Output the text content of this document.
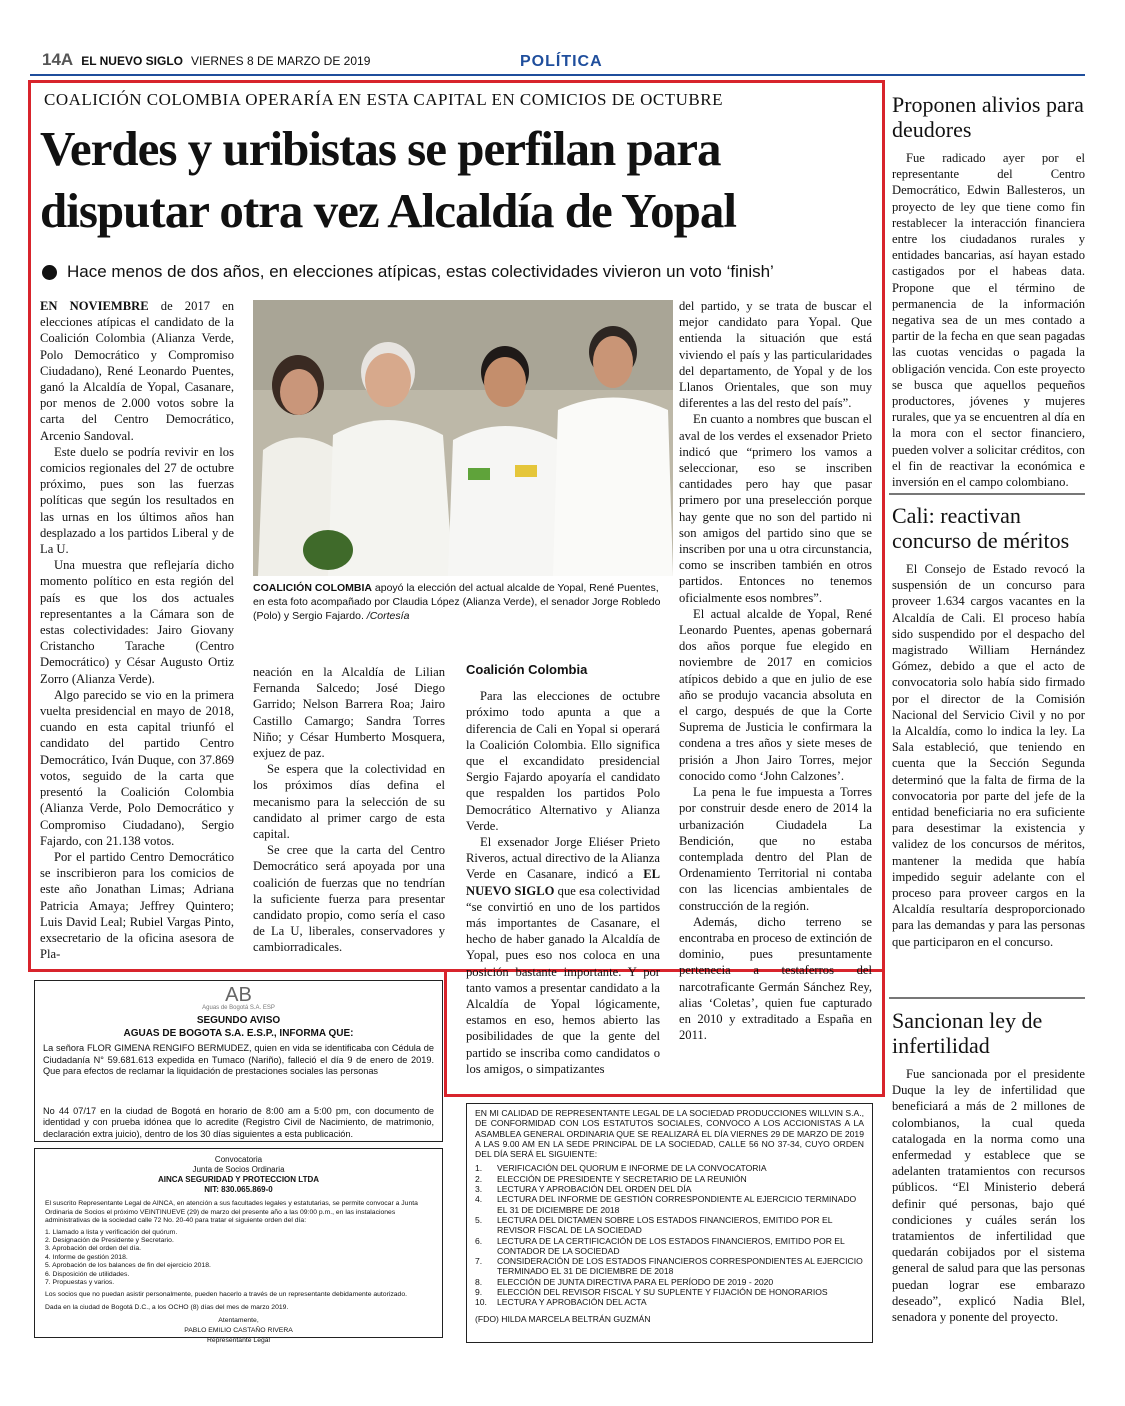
14A EL NUEVO SIGLO VIERNES 8 DE MARZO DE 2019	POLÍTICA
COALICIÓN COLOMBIA OPERARÍA EN ESTA CAPITAL EN COMICIOS DE OCTUBRE
Verdes y uribistas se perfilan para disputar otra vez Alcaldía de Yopal
Hace menos de dos años, en elecciones atípicas, estas colectividades vivieron un voto ‘finish’

EN NOVIEMBRE de 2017 en elecciones atípicas el candidato de la Coalición Colombia (Alianza Verde, Polo Democrático y Compromiso Ciudadano), René Leonardo Puentes, ganó la Alcaldía de Yopal, Casanare, por menos de 2.000 votos sobre la carta del Centro Democrático, Arcenio Sandoval.

Este duelo se podría revivir en los comicios regionales del 27 de octubre próximo, pues son las fuerzas políticas que según los resultados en las urnas en los últimos años han desplazado a los partidos Liberal y de La U.

Una muestra que reflejaría dicho momento político en esta región del país es que los dos actuales representantes a la Cámara son de estas colectividades: Jairo Giovany Cristancho Tarache (Centro Democrático) y César Augusto Ortiz Zorro (Alianza Verde).

Algo parecido se vio en la primera vuelta presidencial en mayo de 2018, cuando en esta capital triunfó el candidato del partido Centro Democrático, Iván Duque, con 37.869 votos, seguido de la carta que presentó la Coalición Colombia (Alianza Verde, Polo Democrático y Compromiso Ciudadano), Sergio Fajardo, con 21.138 votos.

Por el partido Centro Democrático se inscribieron para los comicios de este año Jonathan Limas; Adriana Patricia Amaya; Jeffrey Quintero; Luis David Leal; Rubiel Vargas Pinto, exsecretario de la oficina asesora de Pla-

COALICIÓN COLOMBIA apoyó la elección del actual alcalde de Yopal, René Puentes, en esta foto acompañado por Claudia López (Alianza Verde), el senador Jorge Robledo (Polo) y Sergio Fajardo. /Cortesía

neación en la Alcaldía de Lilian Fernanda Salcedo; José Diego Garrido; Nelson Barrera Roa; Jairo Castillo Camargo; Sandra Torres Niño; y César Humberto Mosquera, exjuez de paz.

Se espera que la colectividad en los próximos días defina el mecanismo para la selección de su candidato al primer cargo de esta capital.

Se cree que la carta del Centro Democrático será apoyada por una coalición de fuerzas que no tendrían la suficiente fuerza para presentar candidato propio, como sería el caso de La U, liberales, conservadores y cambiorradicales.

Coalición Colombia

Para las elecciones de octubre próximo todo apunta a que a diferencia de Cali en Yopal si operará la Coalición Colombia. Ello significa que el excandidato presidencial Sergio Fajardo apoyaría el candidato que respalden los partidos Polo Democrático Alternativo y Alianza Verde.

El exsenador Jorge Eliéser Prieto Riveros, actual directivo de la Alianza Verde en Casanare, indicó a EL NUEVO SIGLO que esa colectividad “se convirtió en uno de los partidos más importantes de Casanare, el hecho de haber ganado la Alcaldía de Yopal, pues eso nos coloca en una posición bastante importante. Y por tanto vamos a presentar candidato a la Alcaldía de Yopal lógicamente, estamos en eso, hemos abierto las posibilidades de que la gente del partido se inscriba como candidatos o los amigos, o simpatizantes

del partido, y se trata de buscar el mejor candidato para Yopal. Que entienda la situación que está viviendo el país y las particularidades del departamento, de Yopal y de los Llanos Orientales, que son muy diferentes a las del resto del país”.

En cuanto a nombres que buscan el aval de los verdes el exsenador Prieto indicó que “primero los vamos a seleccionar, eso se inscriben cantidades pero hay que pasar primero por una preselección porque hay gente que no son del partido ni son amigos del partido sino que se inscriben por una u otra circunstancia, como se inscriben también en otros partidos. Entonces no tenemos oficialmente esos nombres”.

El actual alcalde de Yopal, René Leonardo Puentes, apenas gobernará dos años porque fue elegido en noviembre de 2017 en comicios atípicos debido a que en julio de ese año se produjo vacancia absoluta en el cargo, después de que la Corte Suprema de Justicia le confirmara la condena a tres años y siete meses de prisión a Jhon Jairo Torres, mejor conocido como ‘John Calzones’.

La pena le fue impuesta a Torres por construir desde enero de 2014 la urbanización Ciudadela La Bendición, que no estaba contemplada dentro del Plan de Ordenamiento Territorial ni contaba con las licencias ambientales de construcción de la región.

Además, dicho terreno se encontraba en proceso de extinción de dominio, pues presuntamente pertenecia a testaferros del narcotraficante Germán Sánchez Rey, alias ‘Coletas’, quien fue capturado en 2010 y extraditado a España en 2011.

Proponen alivios para deudores

Fue radicado ayer por el representante del Centro Democrático, Edwin Ballesteros, un proyecto de ley que tiene como fin restablecer la interacción financiera entre los ciudadanos rurales y entidades bancarias, así hayan estado castigados por el habeas data. Propone que el término de permanencia de la información negativa sea de un mes contado a partir de la fecha en que sean pagadas las cuotas vencidas o pagada la obligación vencida. Con este proyecto se busca que aquellos pequeños productores, jóvenes y mujeres rurales, que ya se encuentren al día en la mora con el sector financiero, pueden volver a solicitar créditos, con el fin de reactivar la económica e inversión en el campo colombiano.

Cali: reactivan concurso de méritos

El Consejo de Estado revocó la suspensión de un concurso para proveer 1.634 cargos vacantes en la Alcaldía de Cali. El proceso había sido suspendido por el despacho del magistrado William Hernández Gómez, debido a que el acto de convocatoria solo había sido firmado por el director de la Comisión Nacional del Servicio Civil y no por la Alcaldía, como lo indica la ley. La Sala estableció, que teniendo en cuenta que la Sección Segunda determinó que la falta de firma de la convocatoria por parte del jefe de la entidad beneficiaria no era suficiente para desestimar la existencia y validez de los concursos de méritos, mantener la medida que había impedido seguir adelante con el proceso para proveer cargos en la Alcaldía resultaría desproporcionado para las demandas y para las personas que participaron en el concurso.

Sancionan ley de infertilidad

Fue sancionada por el presidente Duque la ley de infertilidad que beneficiará a más de 2 millones de colombianos, la cual queda catalogada en la norma como una enfermedad y establece que se adelanten tratamientos con recursos públicos. “El Ministerio deberá definir qué personas, bajo qué condiciones y cuáles serán los tratamientos de infertilidad que quedarán cobijados por el sistema general de salud para que las personas puedan lograr ese embarazo deseado”, explicó Nadia Blel, senadora y ponente del proyecto.

AB
Aguas de Bogotá S.A. ESP
SEGUNDO AVISO
AGUAS DE BOGOTA S.A. E.S.P., INFORMA QUE:
La señora FLOR GIMENA RENGIFO BERMUDEZ, quien en vida se identificaba con Cédula de Ciudadanía N° 59.681.613 expedida en Tumaco (Nariño), falleció el día 9 de enero de 2019. Que para efectos de reclamar la liquidación de prestaciones sociales las personas
No 44 07/17 en la ciudad de Bogotá en horario de 8:00 am a 5:00 pm, con documento de identidad y con prueba idónea que lo acredite (Registro Civil de Nacimiento, de matrimonio, declaración extra juicio), dentro de los 30 días siguientes a esta publicación.
Convocatoria
Junta de Socios Ordinaria
AINCA SEGURIDAD Y PROTECCION LTDA
NIT: 830.065.869-0
El suscrito Representante Legal de AINCA, en atención a sus facultades legales y estatutarias, se permite convocar a Junta Ordinaria de Socios el próximo VEINTINUEVE (29) de marzo del presente año a las 09:00 p.m., en las instalaciones administrativas de la sociedad calle 72 No. 20-40 para tratar el siguiente orden del día:
1. Llamado a lista y verificación del quórum.
2. Designación de Presidente y Secretario.
3. Aprobación del orden del día.
4. Informe de gestión 2018.
5. Aprobación de los balances de fin del ejercicio 2018.
6. Disposición de utilidades.
7. Propuestas y varios.
Los socios que no puedan asistir personalmente, pueden hacerlo a través de un representante debidamente autorizado.
Dada en la ciudad de Bogotá D.C., a los OCHO (8) días del mes de marzo 2019.
Atentamente,
PABLO EMILIO CASTAÑO RIVERA
Representante Legal
EN MI CALIDAD DE REPRESENTANTE LEGAL DE LA SOCIEDAD PRODUCCIONES WILLVIN S.A., DE CONFORMIDAD CON LOS ESTATUTOS SOCIALES, CONVOCO A LOS ACCIONISTAS A LA ASAMBLEA GENERAL ORDINARIA QUE SE REALIZARÁ EL DÍA VIERNES 29 DE MARZO DE 2019 A LAS 9.00 AM EN LA SEDE PRINCIPAL DE LA SOCIEDAD, CALLE 56 NO 37-34, CUYO ORDEN DEL DÍA SERÁ EL SIGUIENTE:
1.	VERIFICACIÓN DEL QUORUM E INFORME DE LA CONVOCATORIA
2.	ELECCIÓN DE PRESIDENTE Y SECRETARIO DE LA REUNIÓN
3.	LECTURA Y APROBACIÓN DEL ORDEN DEL DÍA
4.	LECTURA DEL INFORME DE GESTIÓN CORRESPONDIENTE AL EJERCICIO TERMINADO EL 31 DE DICIEMBRE DE 2018
5.	LECTURA DEL DICTAMEN SOBRE LOS ESTADOS FINANCIEROS, EMITIDO POR EL REVISOR FISCAL DE LA SOCIEDAD
6.	LECTURA DE LA CERTIFICACIÓN DE LOS ESTADOS FINANCIEROS, EMITIDO POR EL CONTADOR DE LA SOCIEDAD
7.	CONSIDERACIÓN DE LOS ESTADOS FINANCIEROS CORRESPONDIENTES AL EJERCICIO TERMINADO EL 31 DE DICIEMBRE DE 2018
8.	ELECCIÓN DE JUNTA DIRECTIVA PARA EL PERÍODO DE 2019 - 2020
9.	ELECCIÓN DEL REVISOR FISCAL Y SU SUPLENTE Y FIJACIÓN DE HONORARIOS
10. LECTURA Y APROBACIÓN DEL ACTA
(FDO) HILDA MARCELA BELTRÁN GUZMÁN
